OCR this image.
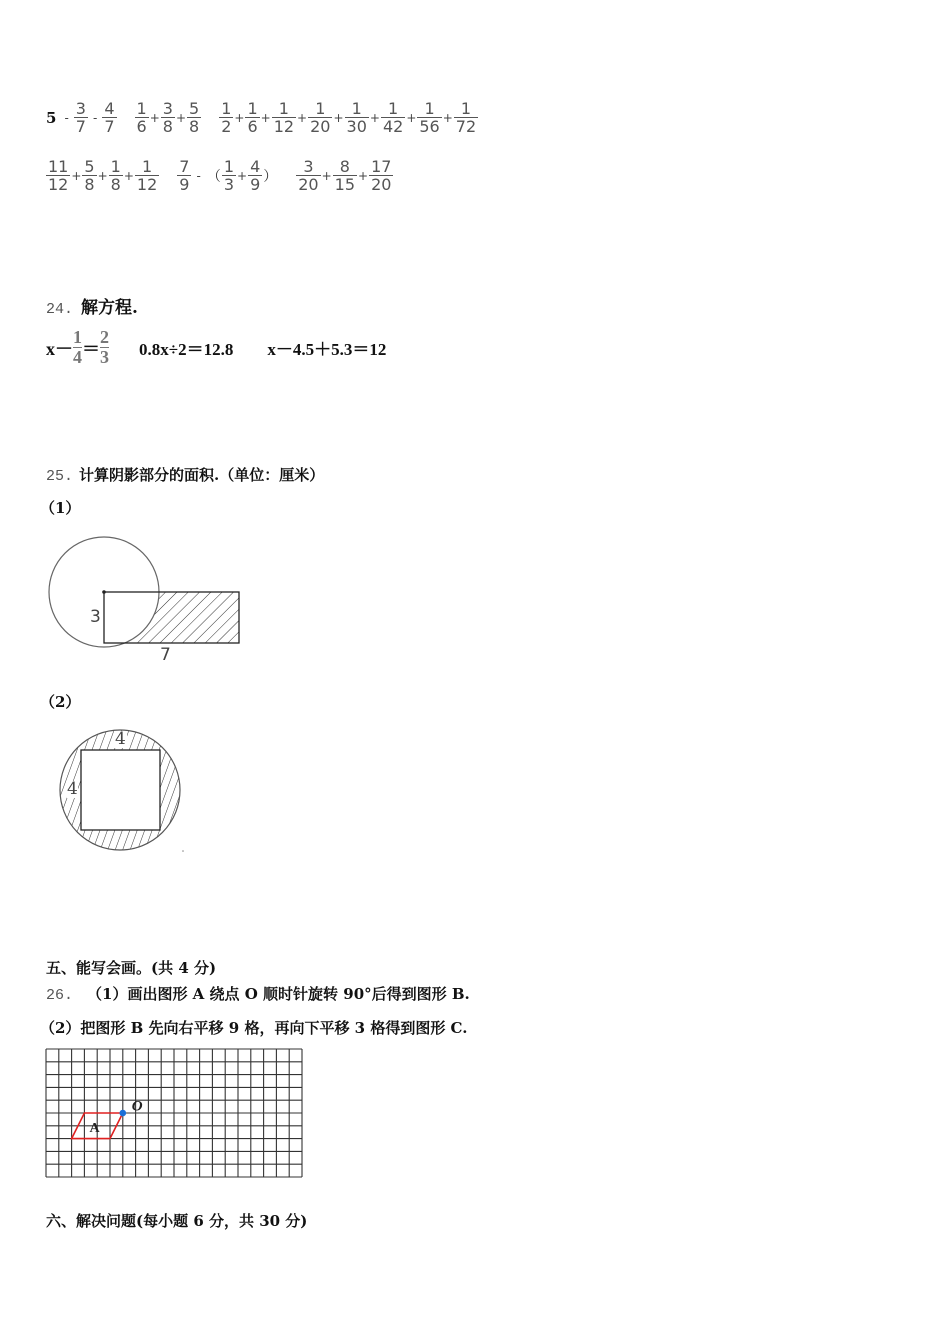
$5 - \frac{3}{7} - \frac{4}{7} \frac{1}{6} + \frac{3}{8} + \frac{5}{8} \frac{1}{2} + \frac{1}{6} + \frac{1}{12} + \frac{1}{20} + \frac{1}{30} + \frac{1}{42} + \frac{1}{56} + \frac{1}{72}$
$\frac{11}{12} + \frac{5}{8} + \frac{1}{8} + \frac{1}{12} \frac{7}{9}$ - （ $\frac{1}{3} + \frac{4}{9}$ ） $\frac{3}{20} + \frac{8}{15} + \frac{17}{20}$
24. 解方程.
x－
1
4 ＝
2
3 0.8x÷2＝12.8 x－4.5＋5.3＝12
25. 计算阴影部分的面积.（单位：厘米）
（1）
3
7
（2）
4
4
五、能写会画。(共 4 分)
26. （1）画出图形 A 绕点 O 顺时针旋转 90°后得到图形 B.
（2）把图形 B 先向右平移 9 格，再向下平移 3 格得到图形 C.
A
O
六、解决问题(每小题 6 分，共 30 分)
